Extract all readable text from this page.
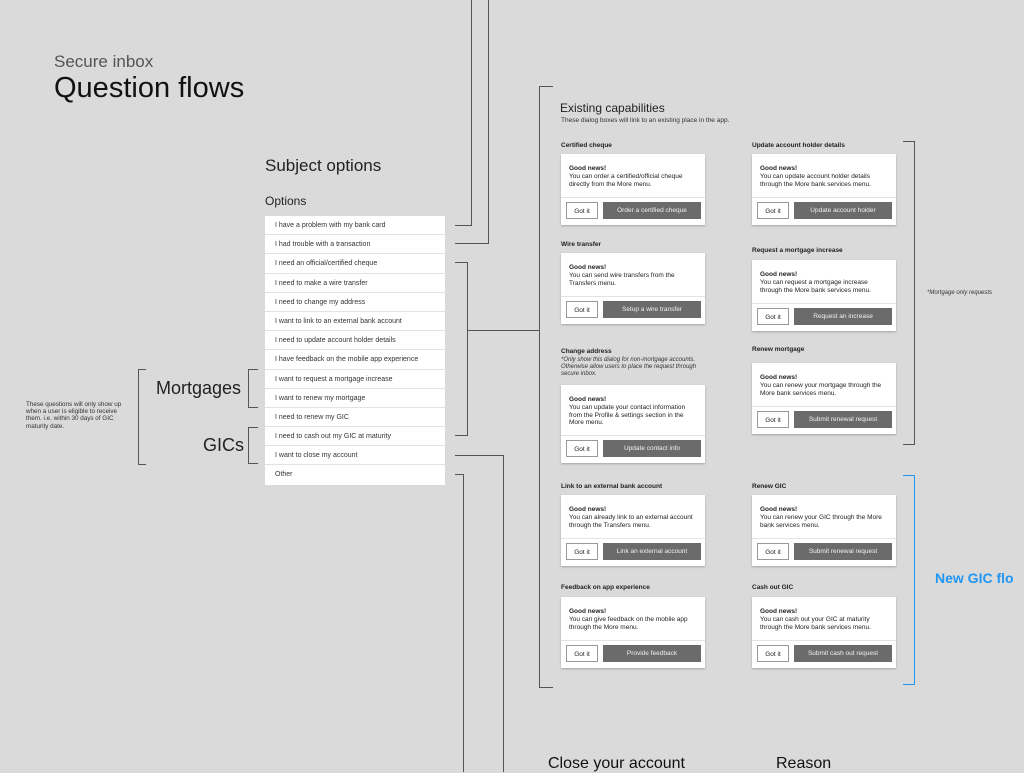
Secure inbox
Question flows
Subject options
Options
I have a problem with my bank card
I had trouble with a transaction
I need an official/certified cheque
I need to make a wire transfer
I need to change my address
I want to link to an external bank account
I need to update account holder details
I have feedback on the mobile app experience
I want to request a mortgage increase
I want to renew my mortgage
I need to renew my GIC
I need to cash out my GIC at maturity
I want to close my account
Other
Mortgages
GICs
These questions will only show up when a user is eligible to receive them. i.e. within 30 days of GIC maturity date.
Existing capabilities
These dialog boxes will link to an existing place in the app.
Certified cheque
Good news!
You can order a certified/official cheque directly from the More menu.
Got it	Order a certified cheque
Wire transfer
Good news!
You can send wire transfers from the Transfers menu.
Got it	Setup a wire transfer
Change address
*Only show this dialog for non-mortgage accounts. Otherwise allow users to place the request through secure inbox.
Good news!
You can update your contact information from the Profile & settings section in the More menu.
Got it	Update contact info
Link to an external bank account
Good news!
You can already link to an external account through the Transfers menu.
Got it	Link an external account
Feedback on app experience
Good news!
You can give feedback on the mobile app through the More menu.
Got it	Provide feedback
Update account holder details
Good news!
You can update account holder details through the More bank services menu.
Got it	Update account holder
Request a mortgage increase
Good news!
You can request a mortgage increase through the More bank services menu.
Got it	Request an increase
Renew mortgage
Good news!
You can renew your mortgage through the More bank services menu.
Got it	Submit renewal request
Renew GIC
Good news!
You can renew your GIC through the More bank services menu.
Got it	Submit renewal request
Cash out GIC
Good news!
You can cash out your GIC at maturity through the More bank services menu.
Got it	Submit cash out request
*Mortgage only requests
New GIC flo
Close your account	Reason
